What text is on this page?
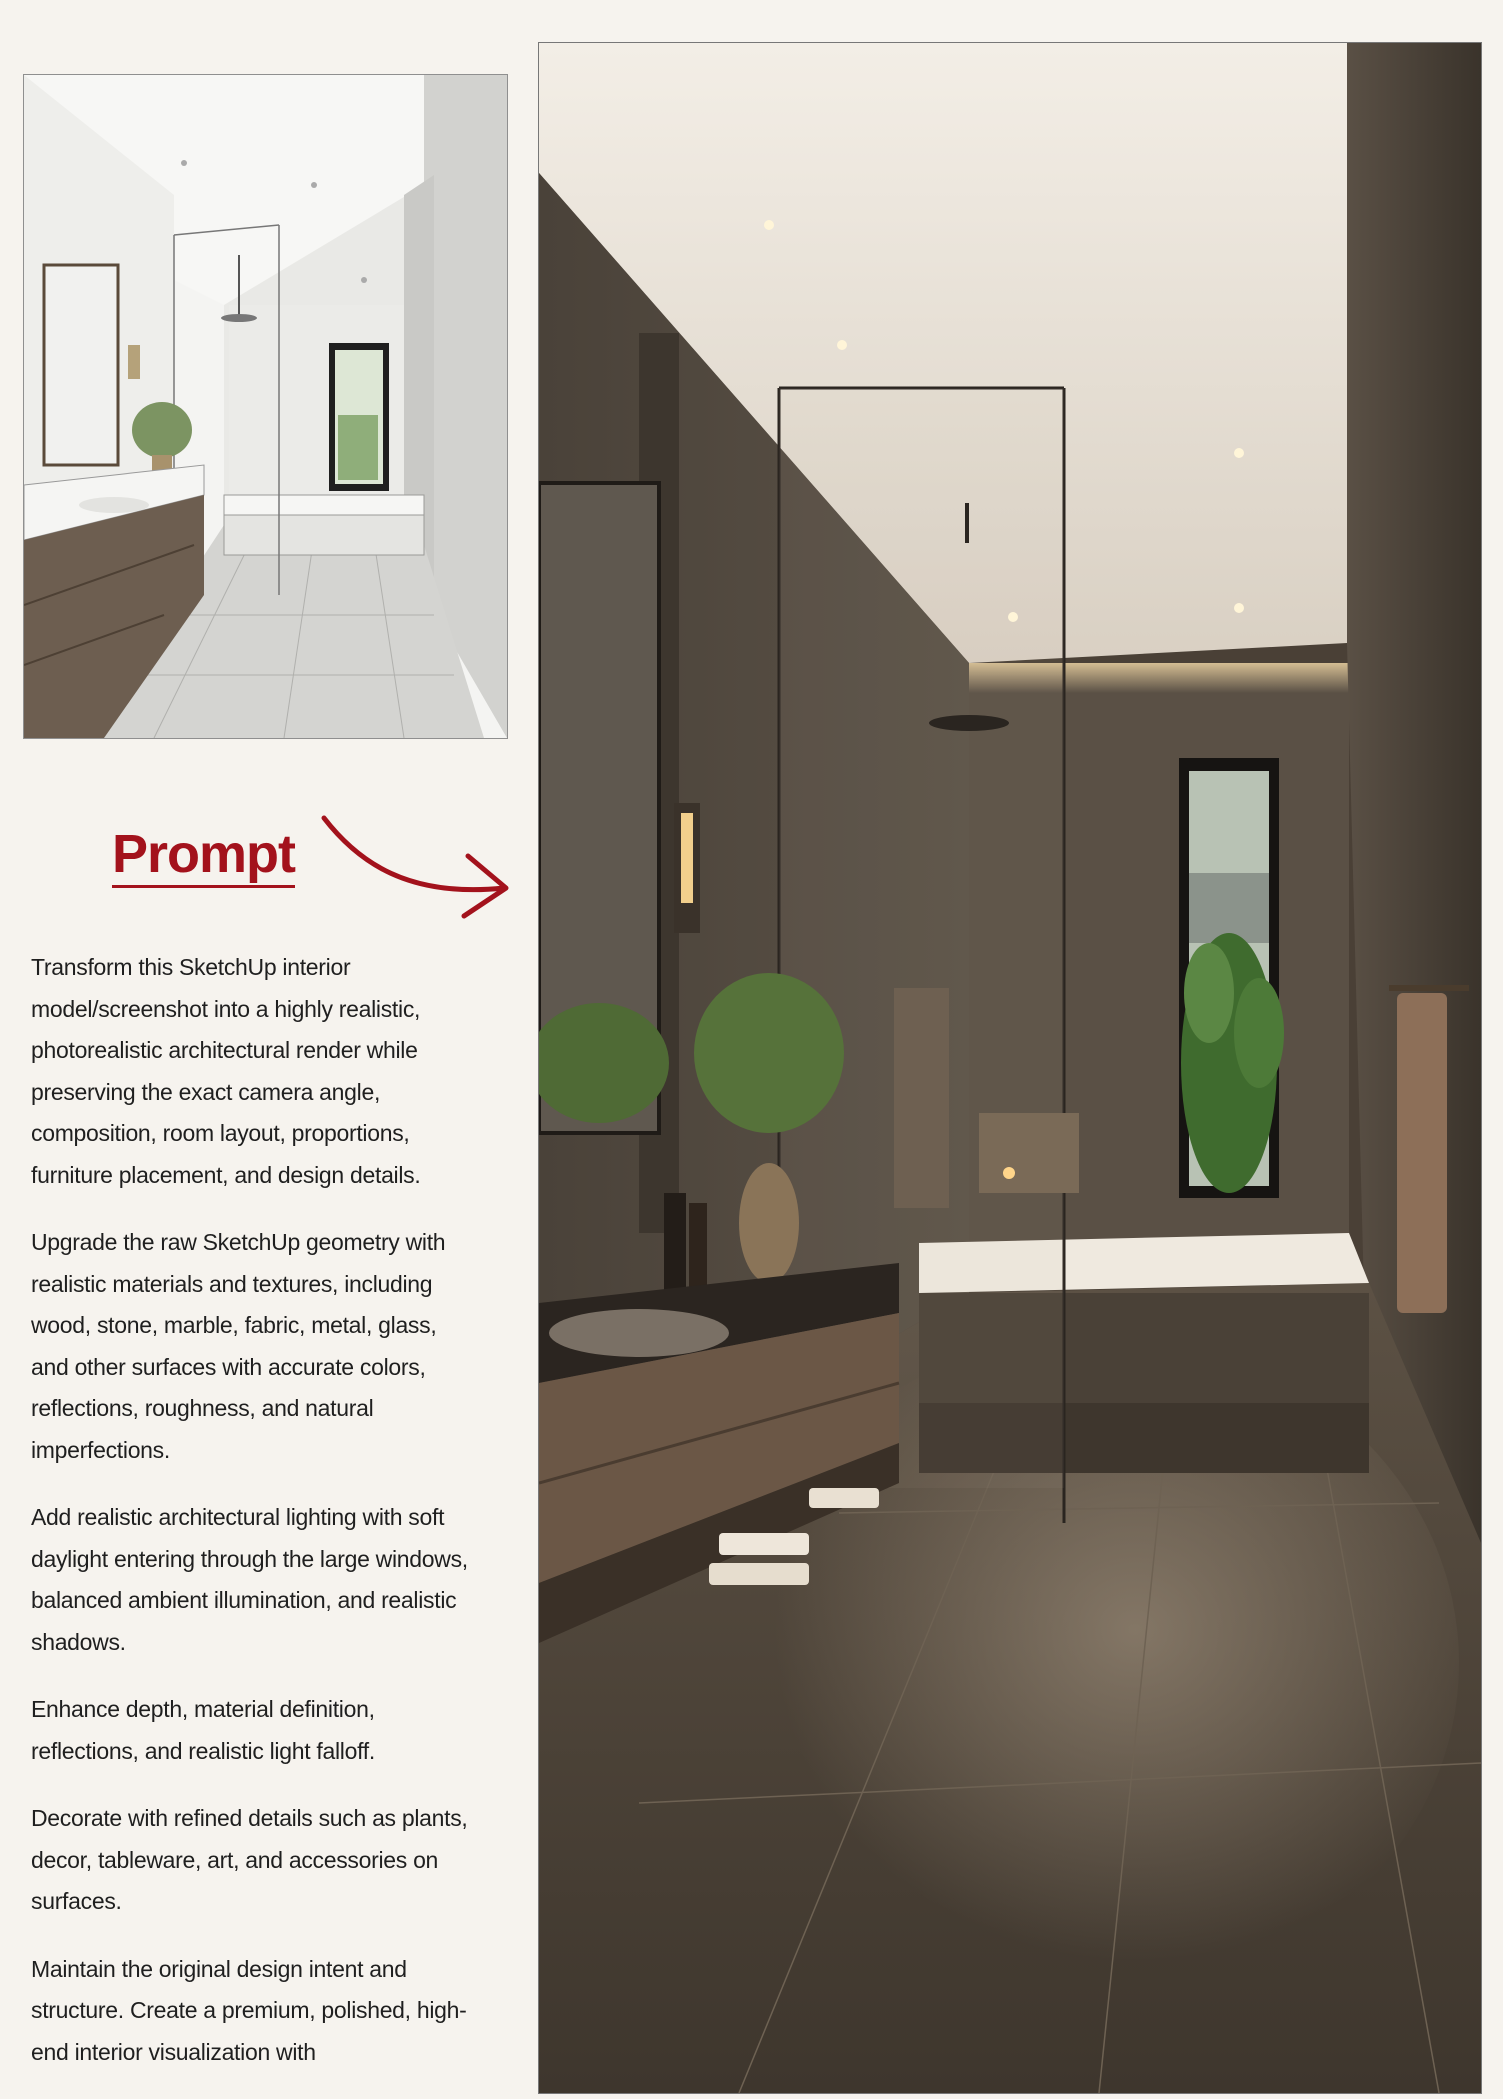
Prompt

Transform this SketchUp interior model/screenshot into a highly realistic, photorealistic architectural render while preserving the exact camera angle, composition, room layout, proportions, furniture placement, and design details.

Upgrade the raw SketchUp geometry with realistic materials and textures, including wood, stone, marble, fabric, metal, glass, and other surfaces with accurate colors, reflections, roughness, and natural imperfections.

Add realistic architectural lighting with soft daylight entering through the large windows, balanced ambient illumination, and realistic shadows.

Enhance depth, material definition, reflections, and realistic light falloff.

Decorate with refined details such as plants, decor, tableware, art, and accessories on surfaces.

Maintain the original design intent and structure. Create a premium, polished, high-end interior visualization with
